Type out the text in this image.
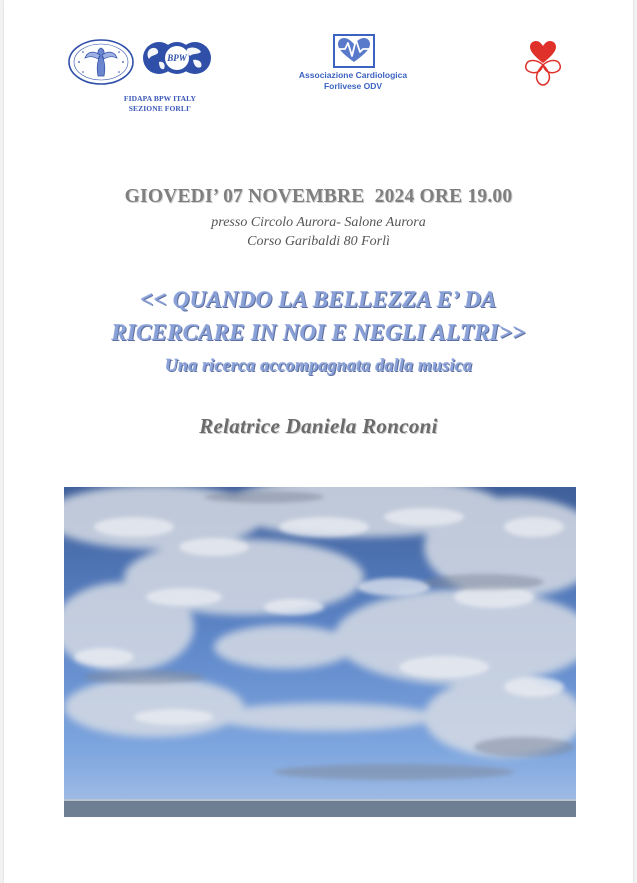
BPW
FIDAPA BPW ITALY
SEZIONE FORLI'
Associazione Cardiologica
Forlivese ODV
GIOVEDI’ 07 NOVEMBRE  2024 ORE 19.00
presso Circolo Aurora- Salone Aurora
Corso Garibaldi 80 Forlì
<< QUANDO LA BELLEZZA E’ DA
RICERCARE IN NOI E NEGLI ALTRI>>
Una ricerca accompagnata dalla musica
Relatrice Daniela Ronconi
